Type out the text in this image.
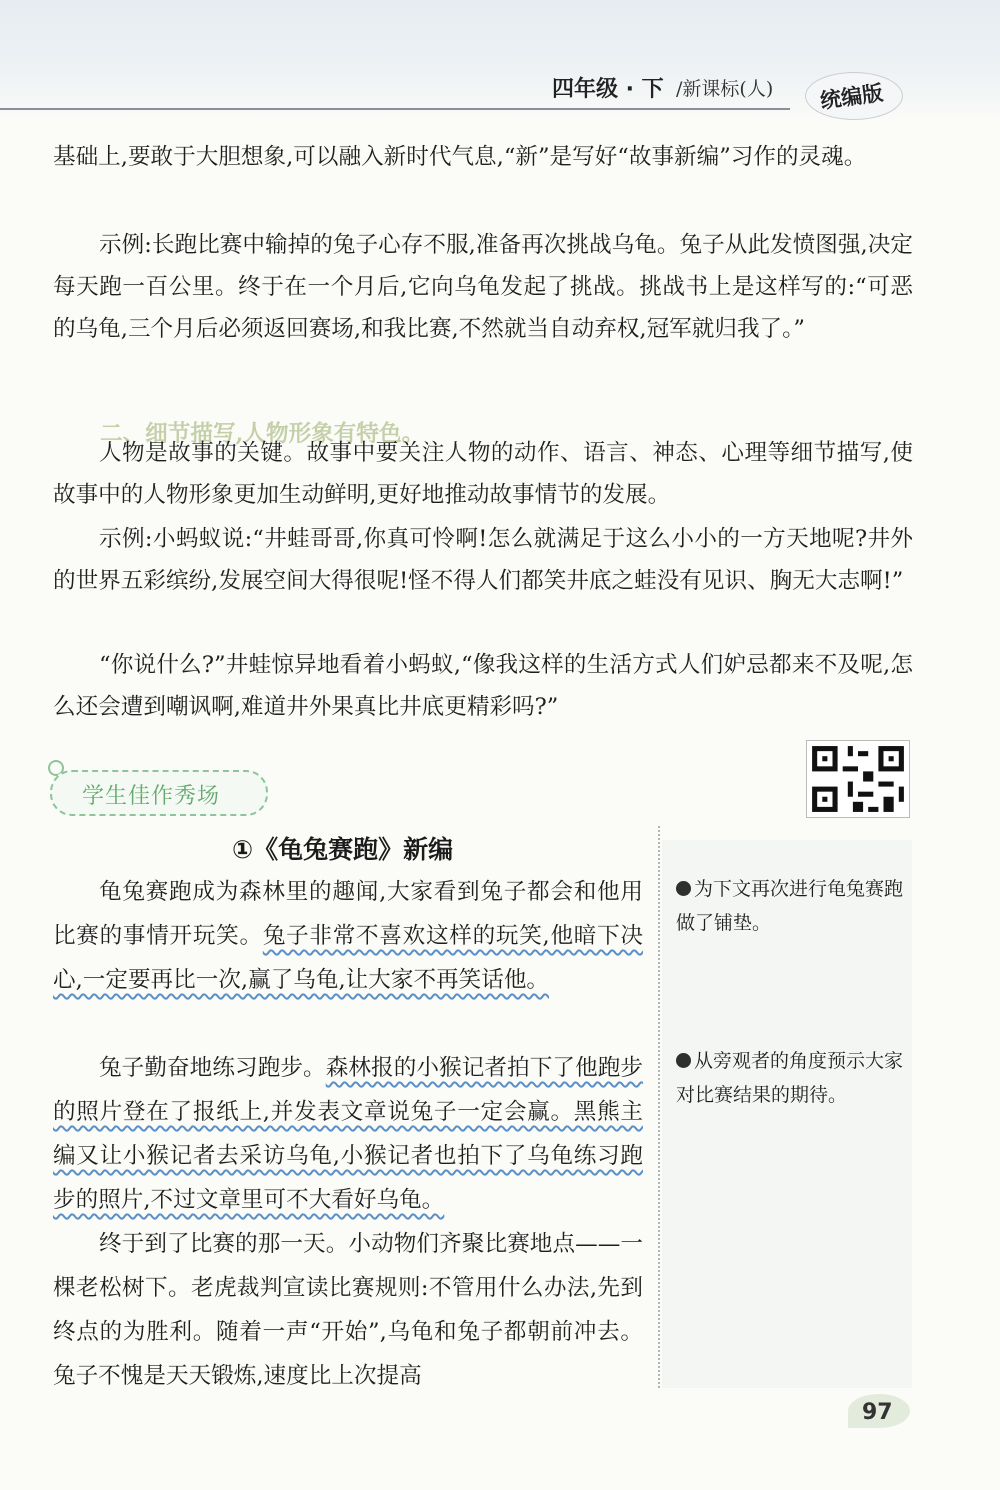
四年级 · 下 /新课标(人) 统编版

基础上,要敢于大胆想象,可以融入新时代气息,“新”是写好“故事新编”习作的灵魂。

示例:长跑比赛中输掉的兔子心存不服,准备再次挑战乌龟。兔子从此发愤图强,决定每天跑一百公里。终于在一个月后,它向乌龟发起了挑战。挑战书上是这样写的:“可恶的乌龟,三个月后必须返回赛场,和我比赛,不然就当自动弃权,冠军就归我了。”

二、细节描写,人物形象有特色。

人物是故事的关键。故事中要关注人物的动作、语言、神态、心理等细节描写,使故事中的人物形象更加生动鲜明,更好地推动故事情节的发展。

示例:小蚂蚁说:“井蛙哥哥,你真可怜啊!怎么就满足于这么小小的一方天地呢?井外的世界五彩缤纷,发展空间大得很呢!怪不得人们都笑井底之蛙没有见识、胸无大志啊!”

“你说什么?”井蛙惊异地看着小蚂蚁,“像我这样的生活方式人们妒忌都来不及呢,怎么还会遭到嘲讽啊,难道井外果真比井底更精彩吗?”

学生佳作秀场
①《龟兔赛跑》新编

龟兔赛跑成为森林里的趣闻,大家看到兔子都会和他用比赛的事情开玩笑。兔子非常不喜欢这样的玩笑,他暗下决心,一定要再比一次,赢了乌龟,让大家不再笑话他。

兔子勤奋地练习跑步。森林报的小猴记者拍下了他跑步的照片登在了报纸上,并发表文章说兔子一定会赢。黑熊主编又让小猴记者去采访乌龟,小猴记者也拍下了乌龟练习跑步的照片,不过文章里可不大看好乌龟。

终于到了比赛的那一天。小动物们齐聚比赛地点——一棵老松树下。老虎裁判宣读比赛规则:不管用什么办法,先到终点的为胜利。随着一声“开始”,乌龟和兔子都朝前冲去。兔子不愧是天天锻炼,速度比上次提高

为下文再次进行龟兔赛跑做了铺垫。

从旁观者的角度预示大家对比赛结果的期待。

97
